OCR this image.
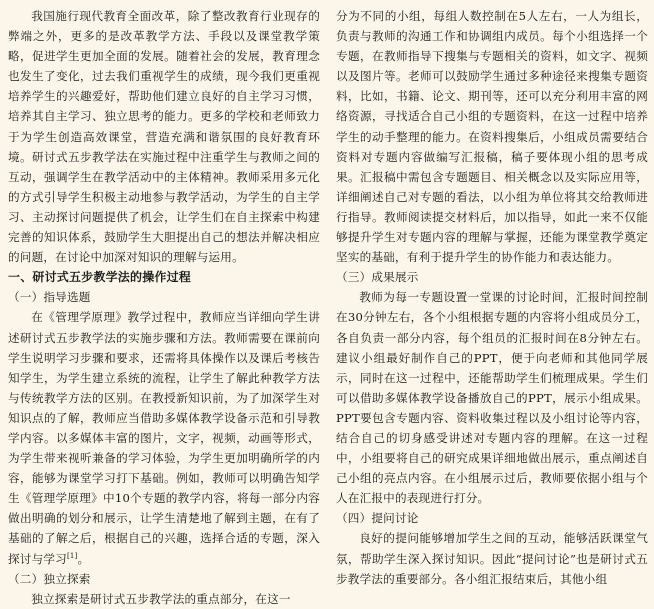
我国施行现代教育全面改革，除了整改教育行业现存的弊端之外，更多的是改革教学方法、手段以及课堂教学策略，促进学生更加全面的发展。随着社会的发展，教育理念也发生了变化，过去我们重视学生的成绩，现今我们更重视培养学生的兴趣爱好，帮助他们建立良好的自主学习习惯，培养其自主学习、独立思考的能力。更多的学校和老师致力于为学生创造高效课堂，营造充满和谐氛围的良好教育环境。研讨式五步教学法在实施过程中注重学生与教师之间的互动，强调学生在教学活动中的主体精神。教师采用多元化的方式引导学生积极主动地参与教学活动，为学生的自主学习、主动探讨问题提供了机会，让学生们在自主探索中构建完善的知识体系，鼓励学生大胆提出自己的想法并解决相应的问题，在讨论中加深对知识的理解与运用。

一、研讨式五步教学法的操作过程

（一）指导选题

在《管理学原理》教学过程中，教师应当详细向学生讲述研讨式五步教学法的实施步骤和方法。教师需要在课前向学生说明学习步骤和要求，还需将具体操作以及课后考核告知学生，为学生建立系统的流程，让学生了解此种教学方法与传统教学方法的区别。在教授新知识前，为了加深学生对知识点的了解，教师应当借助多媒体教学设备示范和引导教学内容。以多媒体丰富的图片，文字，视频，动画等形式，为学生带来视听兼备的学习体验，为学生更加明确所学的内容，能够为课堂学习打下基础。例如，教师可以明确告知学生《管理学原理》中10个专题的教学内容，将每一部分内容做出明确的划分和展示，让学生清楚地了解到主题，在有了基础的了解之后，根据自己的兴趣，选择合适的专题，深入探讨与学习[1]。

（二）独立探索

独立探索是研讨式五步教学法的重点部分，在这一

分为不同的小组，每组人数控制在5人左右，一人为组长，负责与教师的沟通工作和协调组内成员。每个小组选择一个专题，在教师指导下搜集与专题相关的资料，如文字、视频以及图片等。老师可以鼓励学生通过多种途径来搜集专题资料，比如，书籍、论文、期刊等，还可以充分利用丰富的网络资源，寻找适合自己小组的专题资料，在这一过程中培养学生的动手整理的能力。在资料搜集后，小组成员需要结合资料对专题内容做编写汇报稿，稿子要体现小组的思考成果。汇报稿中需包含专题题目、相关概念以及实际应用等，详细阐述自己对专题的看法，以小组为单位将其交给教师进行指导。教师阅读提交材料后，加以指导，如此一来不仅能够提升学生对专题内容的理解与掌握，还能为课堂教学奠定坚实的基础，有利于提升学生的协作能力和表达能力。

（三）成果展示

教师为每一专题设置一堂课的讨论时间，汇报时间控制在30分钟左右，各个小组根据专题的内容将小组成员分工，各自负责一部分内容，每个组员的汇报时间在8分钟左右。建议小组最好制作自己的PPT，便于向老师和其他同学展示，同时在这一过程中，还能帮助学生们梳理成果。学生们可以借助多媒体教学设备播放自己的PPT，展示小组成果。PPT要包含专题内容、资料收集过程以及小组讨论等内容，结合自己的切身感受讲述对专题内容的理解。在这一过程中，小组要将自己的研究成果详细地做出展示，重点阐述自己小组的亮点内容。在小组展示过后，教师要依据小组与个人在汇报中的表现进行打分。

（四）提问讨论

良好的提问能够增加学生之间的互动，能够活跃课堂气氛，帮助学生深入探讨知识。因此“提问讨论”也是研讨式五步教学法的重要部分。各小组汇报结束后，其他小组
